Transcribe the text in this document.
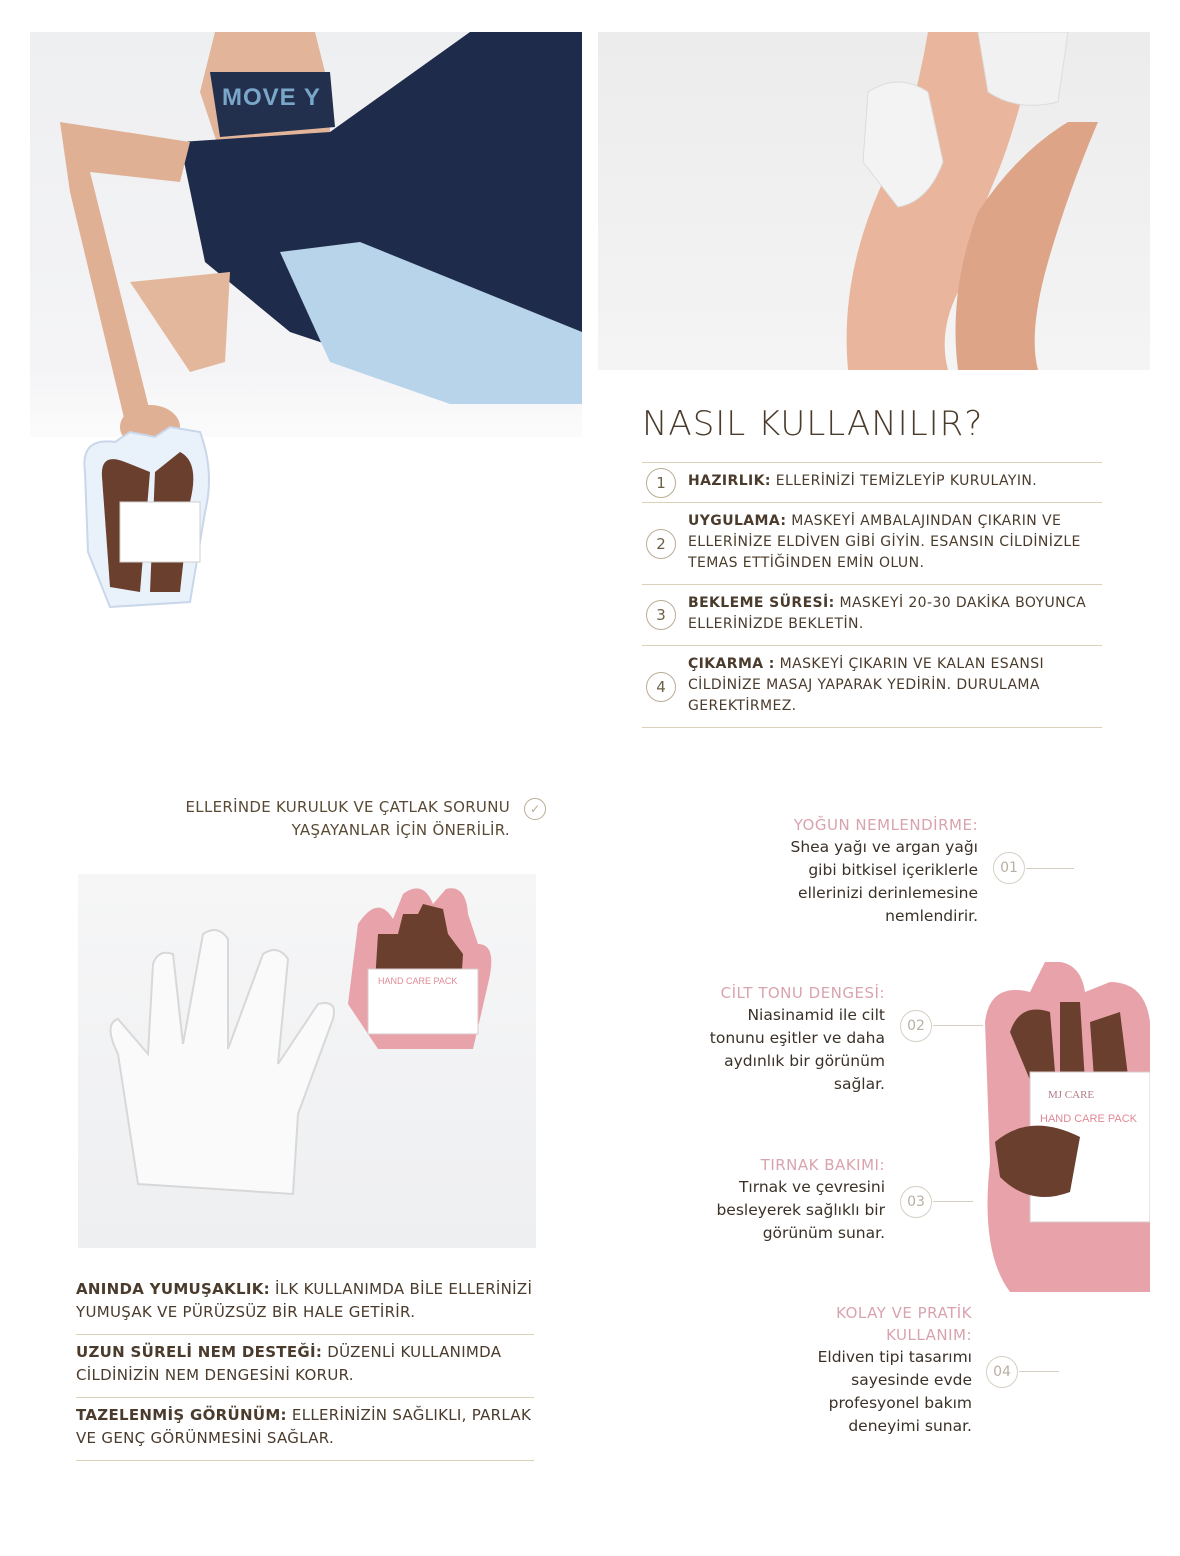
MOVE Y
NASIL KULLANILIR?
1	HAZIRLIK: ELLERİNİZİ TEMİZLEYİP KURULAYIN.
2
UYGULAMA: MASKEYİ AMBALAJINDAN ÇIKARIN VE ELLERİNİZE ELDİVEN GİBİ GİYİN. ESANSIN CİLDİNİZLE TEMAS ETTİĞİNDEN EMİN OLUN.
3
BEKLEME SÜRESİ: MASKEYİ 20-30 DAKİKA BOYUNCA ELLERİNİZDE BEKLETİN.
4
ÇIKARMA : MASKEYİ ÇIKARIN VE KALAN ESANSI CİLDİNİZE MASAJ YAPARAK YEDİRİN. DURULAMA GEREKTİRMEZ.
ELLERİNDE KURULUK VE ÇATLAK SORUNU
YAŞAYANLAR İÇİN ÖNERİLİR.
✓
HAND CARE PACK
ANINDA YUMUŞAKLIK: İLK KULLANIMDA BİLE ELLERİNİZİ YUMUŞAK VE PÜRÜZSÜZ BİR HALE GETİRİR.
UZUN SÜRELİ NEM DESTEĞİ: DÜZENLİ KULLANIMDA CİLDİNİZİN NEM DENGESİNİ KORUR.
TAZELENMİŞ GÖRÜNÜM: ELLERİNİZİN SAĞLIKLI, PARLAK VE GENÇ GÖRÜNMESİNİ SAĞLAR.
YOĞUN NEMLENDİRME:
Shea yağı ve argan yağı
gibi bitkisel içeriklerle
ellerinizi derinlemesine
nemlendirir.
01
CİLT TONU DENGESİ:
Niasinamid ile cilt
tonunu eşitler ve daha
aydınlık bir görünüm
sağlar.
02
TIRNAK BAKIMI:
Tırnak ve çevresini
besleyerek sağlıklı bir
görünüm sunar.
03
KOLAY VE PRATİK KULLANIM:
Eldiven tipi tasarımı
sayesinde evde
profesyonel bakım
deneyimi sunar.
04
MJ CARE
HAND CARE PACK
